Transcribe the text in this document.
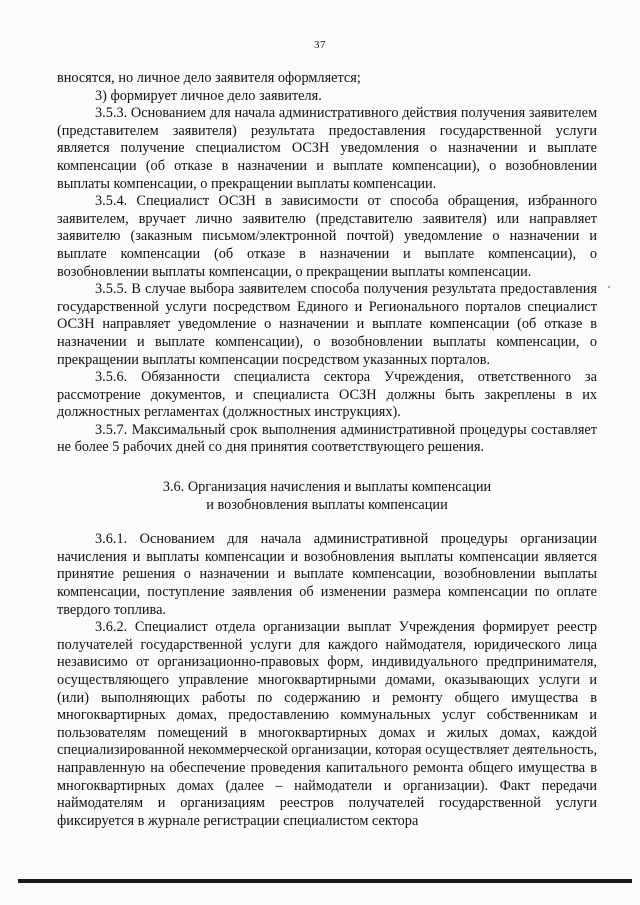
37

вносятся, но личное дело заявителя оформляется;

3) формирует личное дело заявителя.

3.5.3. Основанием для начала административного действия получения заявителем (представителем заявителя) результата предоставления государственной услуги является получение специалистом ОСЗН уведомления о назначении и выплате компенсации (об отказе в назначении и выплате компенсации), о возобновлении выплаты компенсации, о прекращении выплаты компенсации.

3.5.4. Специалист ОСЗН в зависимости от способа обращения, избранного заявителем, вручает лично заявителю (представителю заявителя) или направляет заявителю (заказным письмом/электронной почтой) уведомление о назначении и выплате компенсации (об отказе в назначении и выплате компенсации), о возобновлении выплаты компенсации, о прекращении выплаты компенсации.

3.5.5. В случае выбора заявителем способа получения результата предоставления государственной услуги посредством Единого и Регионального порталов специалист ОСЗН направляет уведомление о назначении и выплате компенсации (об отказе в назначении и выплате компенсации), о возобновлении выплаты компенсации, о прекращении выплаты компенсации посредством указанных порталов.

3.5.6. Обязанности специалиста сектора Учреждения, ответственного за рассмотрение документов, и специалиста ОСЗН должны быть закреплены в их должностных регламентах (должностных инструкциях).

3.5.7. Максимальный срок выполнения административной процедуры составляет не более 5 рабочих дней со дня принятия соответствующего решения.

3.6. Организация начисления и выплаты компенсации
и возобновления выплаты компенсации

3.6.1. Основанием для начала административной процедуры организации начисления и выплаты компенсации и возобновления выплаты компенсации является принятие решения о назначении и выплате компенсации, возобновлении выплаты компенсации, поступление заявления об изменении размера компенсации по оплате твердого топлива.

3.6.2. Специалист отдела организации выплат Учреждения формирует реестр получателей государственной услуги для каждого наймодателя, юридического лица независимо от организационно-правовых форм, индивидуального предпринимателя, осуществляющего управление многоквартирными домами, оказывающих услуги и (или) выполняющих работы по содержанию и ремонту общего имущества в многоквартирных домах, предоставлению коммунальных услуг собственникам и пользователям помещений в многоквартирных домах и жилых домах, каждой специализированной некоммерческой организации, которая осуществляет деятельность, направленную на обеспечение проведения капитального ремонта общего имущества в многоквартирных домах (далее – наймодатели и организации). Факт передачи наймодателям и организациям реестров получателей государственной услуги фиксируется в журнале регистрации специалистом сектора
